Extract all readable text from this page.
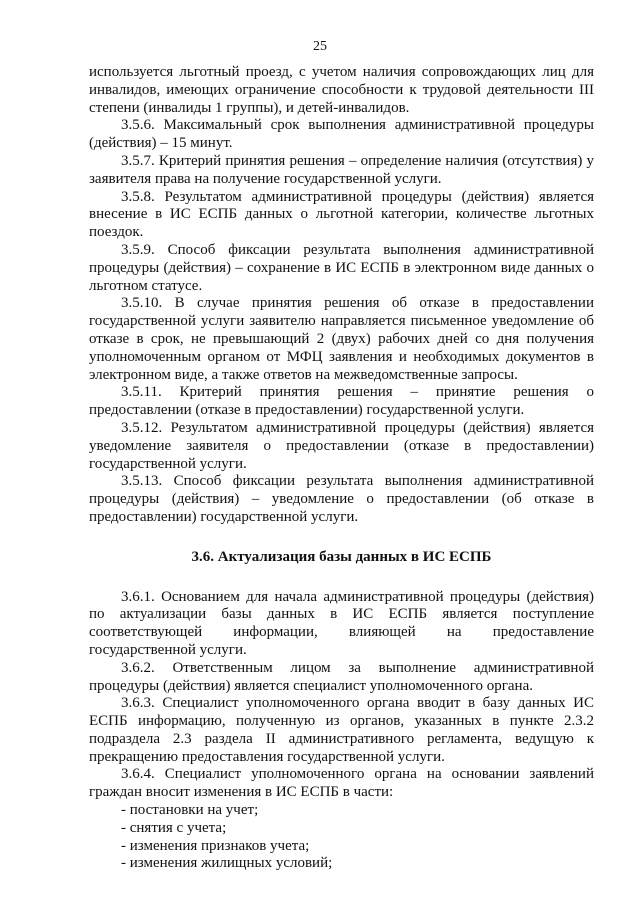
25

используется льготный проезд, с учетом наличия сопровождающих лиц для инвалидов, имеющих ограничение способности к трудовой деятельности III степени (инвалиды 1 группы), и детей-инвалидов.

3.5.6. Максимальный срок выполнения административной процедуры (действия) – 15 минут.

3.5.7. Критерий принятия решения – определение наличия (отсутствия) у заявителя права на получение государственной услуги.

3.5.8. Результатом административной процедуры (действия) является внесение в ИС ЕСПБ данных о льготной категории, количестве льготных поездок.

3.5.9. Способ фиксации результата выполнения административной процедуры (действия) – сохранение в ИС ЕСПБ в электронном виде данных о льготном статусе.

3.5.10. В случае принятия решения об отказе в предоставлении государственной услуги заявителю направляется письменное уведомление об отказе в срок, не превышающий 2 (двух) рабочих дней со дня получения уполномоченным органом от МФЦ заявления и необходимых документов в электронном виде, а также ответов на межведомственные запросы.

3.5.11. Критерий принятия решения – принятие решения о предоставлении (отказе в предоставлении) государственной услуги.

3.5.12. Результатом административной процедуры (действия) является уведомление заявителя о предоставлении (отказе в предоставлении) государственной услуги.

3.5.13. Способ фиксации результата выполнения административной процедуры (действия) – уведомление о предоставлении (об отказе в предоставлении) государственной услуги.

3.6. Актуализация базы данных в ИС ЕСПБ

3.6.1. Основанием для начала административной процедуры (действия) по актуализации базы данных в ИС ЕСПБ является поступление соответствующей информации, влияющей на предоставление государственной услуги.

3.6.2. Ответственным лицом за выполнение административной процедуры (действия) является специалист уполномоченного органа.

3.6.3. Специалист уполномоченного органа вводит в базу данных ИС ЕСПБ информацию, полученную из органов, указанных в пункте 2.3.2 подраздела 2.3 раздела II административного регламента, ведущую к прекращению предоставления государственной услуги.

3.6.4. Специалист уполномоченного органа на основании заявлений граждан вносит изменения в ИС ЕСПБ в части:

- постановки на учет;
- снятия с учета;
- изменения признаков учета;
- изменения жилищных условий;
